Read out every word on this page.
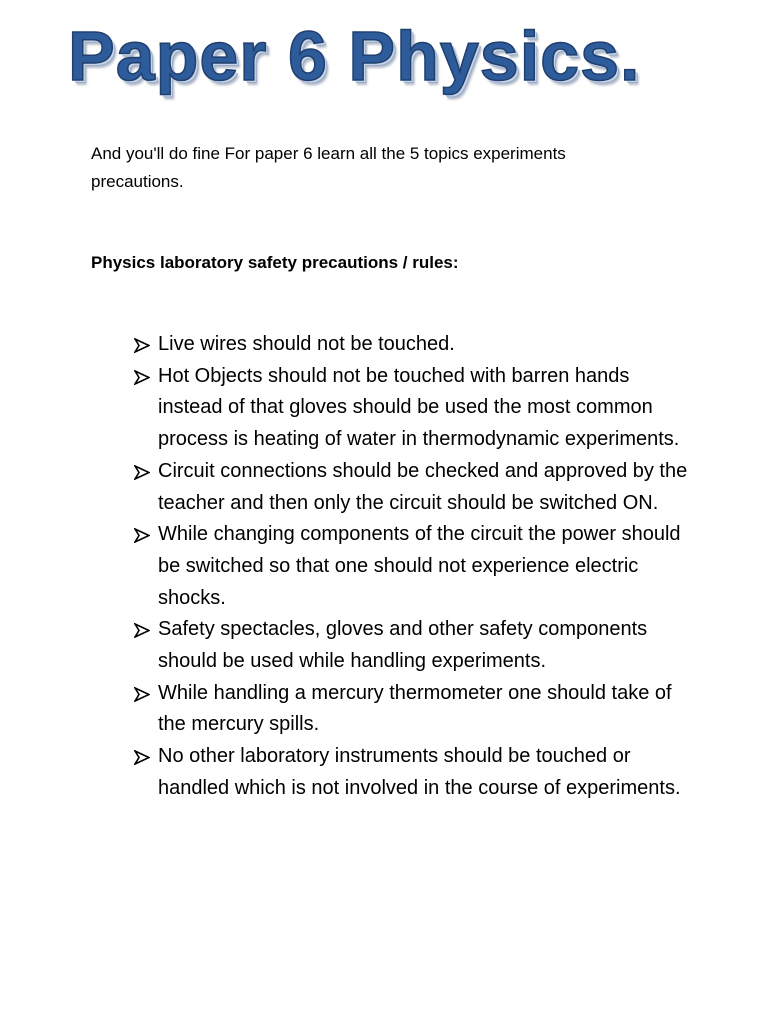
Paper 6 Physics.

And you'll do fine For paper 6 learn all the 5 topics experiments precautions.

Physics laboratory safety precautions / rules:

Live wires should not be touched.
Hot Objects should not be touched with barren hands instead of that gloves should be used the most common process is heating of water in thermodynamic experiments.
Circuit connections should be checked and approved by the teacher and then only the circuit should be switched ON.
While changing components of the circuit the power should be switched so that one should not experience electric shocks.
Safety spectacles, gloves and other safety components should be used while handling experiments.
While handling a mercury thermometer one should take of the mercury spills.
No other laboratory instruments should be touched or handled which is not involved in the course of experiments.
